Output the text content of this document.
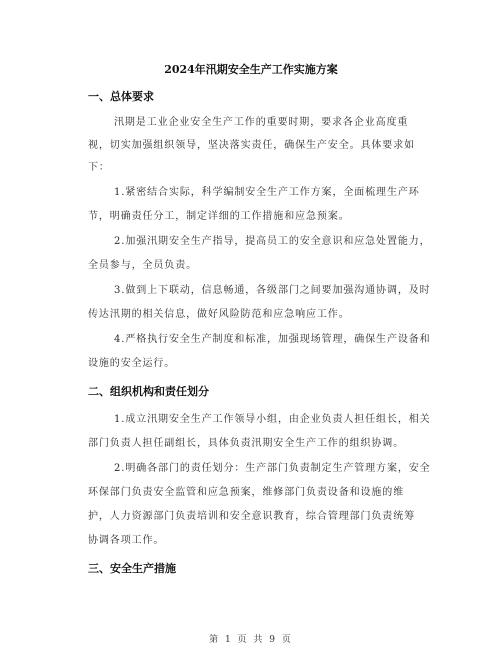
2024年汛期安全生产工作实施方案
一、总体要求
汛期是工业企业安全生产工作的重要时期，要求各企业高度重
视，切实加强组织领导，坚决落实责任，确保生产安全。具体要求如
下：
1.紧密结合实际，科学编制安全生产工作方案，全面梳理生产环
节，明确责任分工，制定详细的工作措施和应急预案。
2.加强汛期安全生产指导，提高员工的安全意识和应急处置能力，
全员参与，全员负责。
3.做到上下联动，信息畅通，各级部门之间要加强沟通协调，及时
传达汛期的相关信息，做好风险防范和应急响应工作。
4.严格执行安全生产制度和标准，加强现场管理，确保生产设备和
设施的安全运行。
二、组织机构和责任划分
1.成立汛期安全生产工作领导小组，由企业负责人担任组长，相关
部门负责人担任副组长，具体负责汛期安全生产工作的组织协调。
2.明确各部门的责任划分：生产部门负责制定生产管理方案，安全
环保部门负责安全监管和应急预案，维修部门负责设备和设施的维
护，人力资源部门负责培训和安全意识教育，综合管理部门负责统筹
协调各项工作。
三、安全生产措施
第 1 页 共 9 页
